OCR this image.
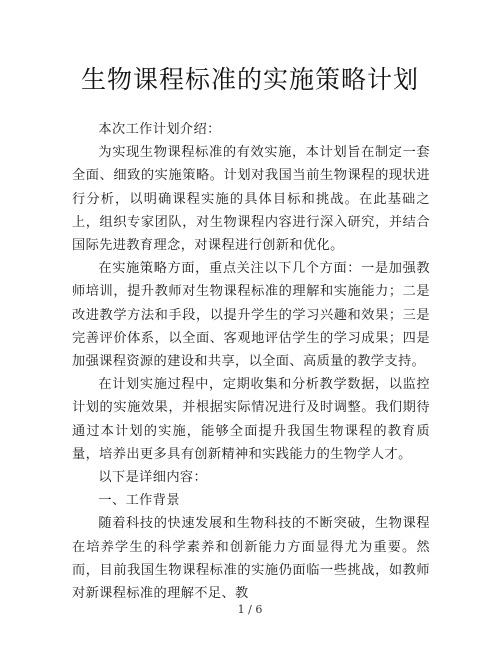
生物课程标准的实施策略计划

本次工作计划介绍：

为实现生物课程标准的有效实施，本计划旨在制定一套全面、细致的实施策略。计划对我国当前生物课程的现状进行分析，以明确课程实施的具体目标和挑战。在此基础之上，组织专家团队，对生物课程内容进行深入研究，并结合国际先进教育理念，对课程进行创新和优化。

在实施策略方面，重点关注以下几个方面：一是加强教师培训，提升教师对生物课程标准的理解和实施能力；二是改进教学方法和手段，以提升学生的学习兴趣和效果；三是完善评价体系，以全面、客观地评估学生的学习成果；四是加强课程资源的建设和共享，以全面、高质量的教学支持。

在计划实施过程中，定期收集和分析教学数据，以监控计划的实施效果，并根据实际情况进行及时调整。我们期待通过本计划的实施，能够全面提升我国生物课程的教育质量，培养出更多具有创新精神和实践能力的生物学人才。

以下是详细内容：

一、工作背景

随着科技的快速发展和生物科技的不断突破，生物课程在培养学生的科学素养和创新能力方面显得尤为重要。然而，目前我国生物课程标准的实施仍面临一些挑战，如教师对新课程标准的理解不足、教

1 / 6
